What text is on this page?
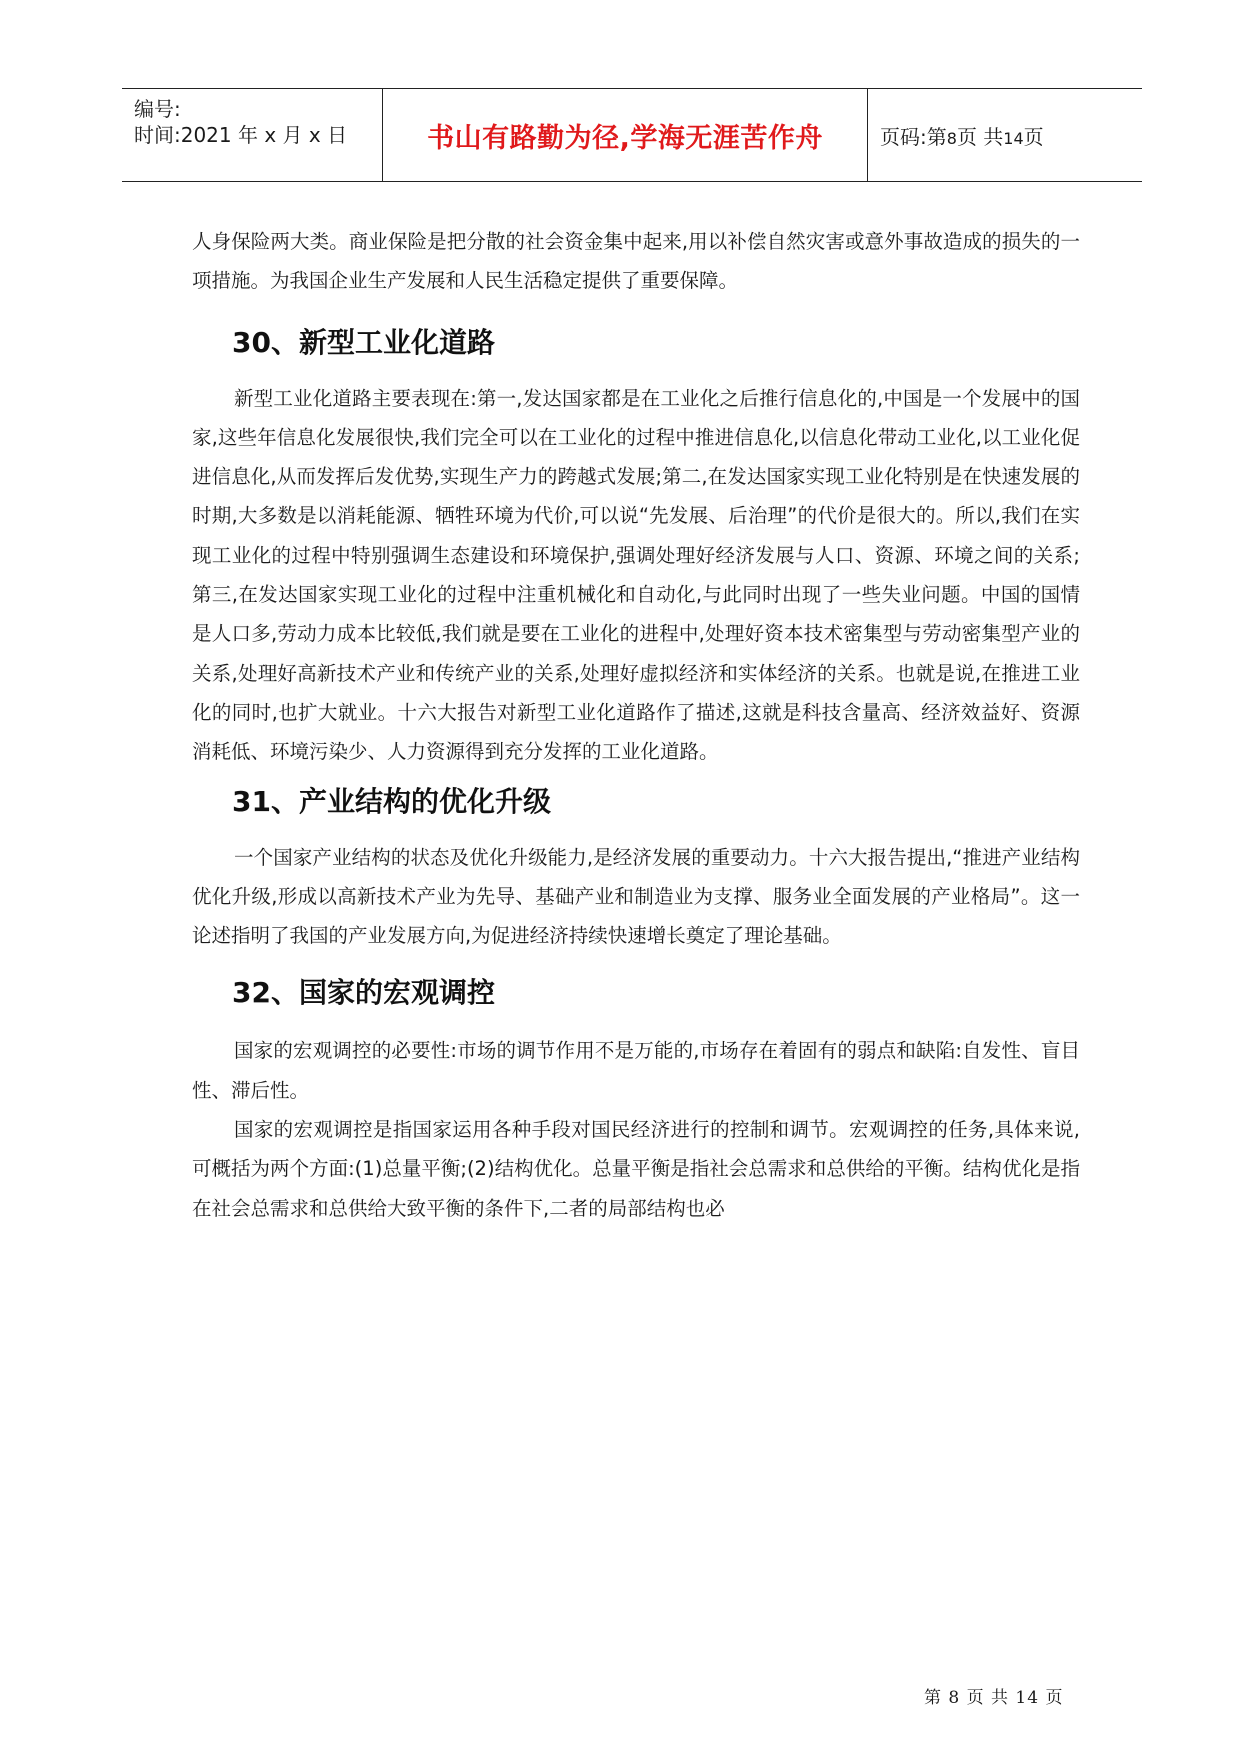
编号:
时间:2021 年 x 月 x 日	书山有路勤为径,学海无涯苦作舟	页码:第8页 共14页

人身保险两大类。商业保险是把分散的社会资金集中起来,用以补偿自然灾害或意外事故造成的损失的一项措施。为我国企业生产发展和人民生活稳定提供了重要保障。

30、新型工业化道路

新型工业化道路主要表现在:第一,发达国家都是在工业化之后推行信息化的,中国是一个发展中的国家,这些年信息化发展很快,我们完全可以在工业化的过程中推进信息化,以信息化带动工业化,以工业化促进信息化,从而发挥后发优势,实现生产力的跨越式发展;第二,在发达国家实现工业化特别是在快速发展的时期,大多数是以消耗能源、牺牲环境为代价,可以说“先发展、后治理”的代价是很大的。所以,我们在实现工业化的过程中特别强调生态建设和环境保护,强调处理好经济发展与人口、资源、环境之间的关系;第三,在发达国家实现工业化的过程中注重机械化和自动化,与此同时出现了一些失业问题。中国的国情是人口多,劳动力成本比较低,我们就是要在工业化的进程中,处理好资本技术密集型与劳动密集型产业的关系,处理好高新技术产业和传统产业的关系,处理好虚拟经济和实体经济的关系。也就是说,在推进工业化的同时,也扩大就业。十六大报告对新型工业化道路作了描述,这就是科技含量高、经济效益好、资源消耗低、环境污染少、人力资源得到充分发挥的工业化道路。

31、产业结构的优化升级

一个国家产业结构的状态及优化升级能力,是经济发展的重要动力。十六大报告提出,“推进产业结构优化升级,形成以高新技术产业为先导、基础产业和制造业为支撑、服务业全面发展的产业格局”。这一论述指明了我国的产业发展方向,为促进经济持续快速增长奠定了理论基础。

32、国家的宏观调控

国家的宏观调控的必要性:市场的调节作用不是万能的,市场存在着固有的弱点和缺陷:自发性、盲目性、滞后性。

国家的宏观调控是指国家运用各种手段对国民经济进行的控制和调节。宏观调控的任务,具体来说,可概括为两个方面:(1)总量平衡;(2)结构优化。总量平衡是指社会总需求和总供给的平衡。结构优化是指在社会总需求和总供给大致平衡的条件下,二者的局部结构也必

第 8 页 共 14 页
